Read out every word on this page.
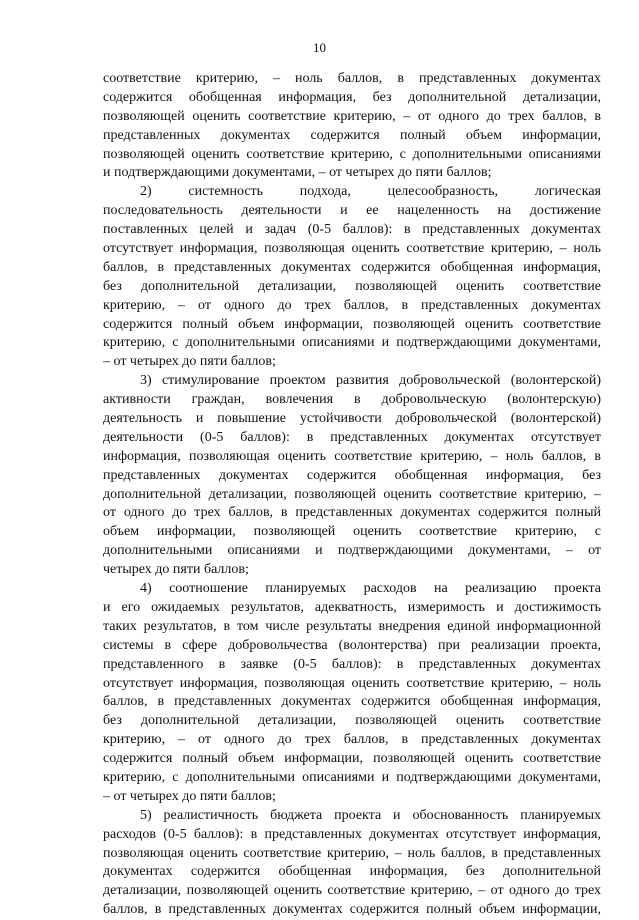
10
соответствие критерию, – ноль баллов, в представленных документах
содержится обобщенная информация, без дополнительной детализации,
позволяющей оценить соответствие критерию, – от одного до трех баллов, в
представленных документах содержится полный объем информации,
позволяющей оценить соответствие критерию, с дополнительными описаниями
и подтверждающими документами, – от четырех до пяти баллов;
2) системность подхода, целесообразность, логическая
последовательность деятельности и ее нацеленность на достижение
поставленных целей и задач (0-5 баллов): в представленных документах
отсутствует информация, позволяющая оценить соответствие критерию, – ноль
баллов, в представленных документах содержится обобщенная информация,
без дополнительной детализации, позволяющей оценить соответствие
критерию, – от одного до трех баллов, в представленных документах
содержится полный объем информации, позволяющей оценить соответствие
критерию, с дополнительными описаниями и подтверждающими документами,
– от четырех до пяти баллов;
3) стимулирование проектом развития добровольческой (волонтерской)
активности граждан, вовлечения в добровольческую (волонтерскую)
деятельность и повышение устойчивости добровольческой (волонтерской)
деятельности (0-5 баллов): в представленных документах отсутствует
информация, позволяющая оценить соответствие критерию, – ноль баллов, в
представленных документах содержится обобщенная информация, без
дополнительной детализации, позволяющей оценить соответствие критерию, –
от одного до трех баллов, в представленных документах содержится полный
объем информации, позволяющей оценить соответствие критерию, с
дополнительными описаниями и подтверждающими документами, – от
четырех до пяти баллов;
4) соотношение планируемых расходов на реализацию проекта
и его ожидаемых результатов, адекватность, измеримость и достижимость
таких результатов, в том числе результаты внедрения единой информационной
системы в сфере добровольчества (волонтерства) при реализации проекта,
представленного в заявке (0-5 баллов): в представленных документах
отсутствует информация, позволяющая оценить соответствие критерию, – ноль
баллов, в представленных документах содержится обобщенная информация,
без дополнительной детализации, позволяющей оценить соответствие
критерию, – от одного до трех баллов, в представленных документах
содержится полный объем информации, позволяющей оценить соответствие
критерию, с дополнительными описаниями и подтверждающими документами,
– от четырех до пяти баллов;
5) реалистичность бюджета проекта и обоснованность планируемых
расходов (0-5 баллов): в представленных документах отсутствует информация,
позволяющая оценить соответствие критерию, – ноль баллов, в представленных
документах содержится обобщенная информация, без дополнительной
детализации, позволяющей оценить соответствие критерию, – от одного до трех
баллов, в представленных документах содержится полный объем информации,
